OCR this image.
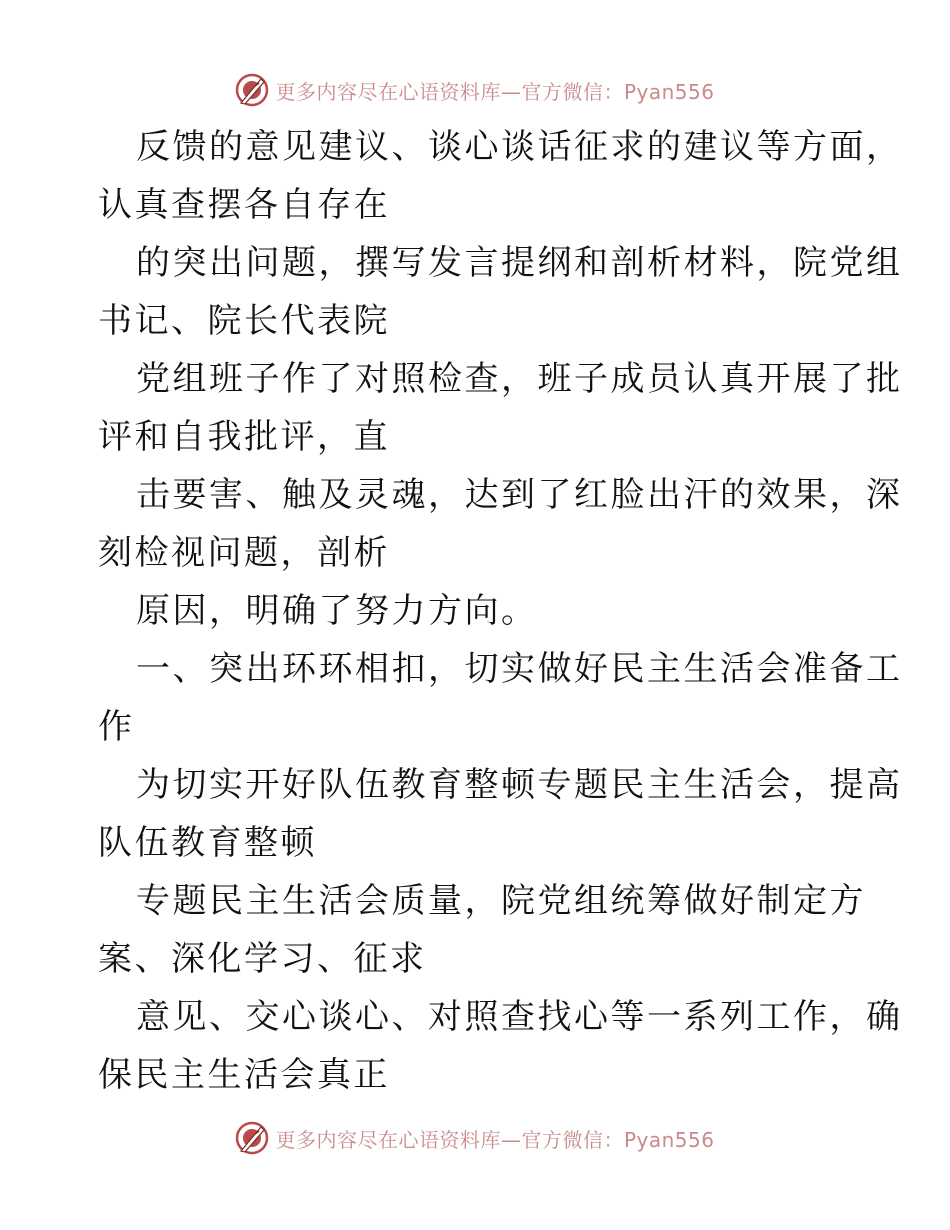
更多内容尽在心语资料库—官方微信：Pyan556
反馈的意见建议、谈心谈话征求的建议等方面，
认真查摆各自存在
的突出问题，撰写发言提纲和剖析材料，院党组
书记、院长代表院
党组班子作了对照检查，班子成员认真开展了批
评和自我批评，直
击要害、触及灵魂，达到了红脸出汗的效果，深
刻检视问题，剖析
原因，明确了努力方向。
一、突出环环相扣，切实做好民主生活会准备工
作
为切实开好队伍教育整顿专题民主生活会，提高
队伍教育整顿
专题民主生活会质量，院党组统筹做好制定方
案、深化学习、征求
意见、交心谈心、对照查找心等一系列工作，确
保民主生活会真正
更多内容尽在心语资料库—官方微信：Pyan556
